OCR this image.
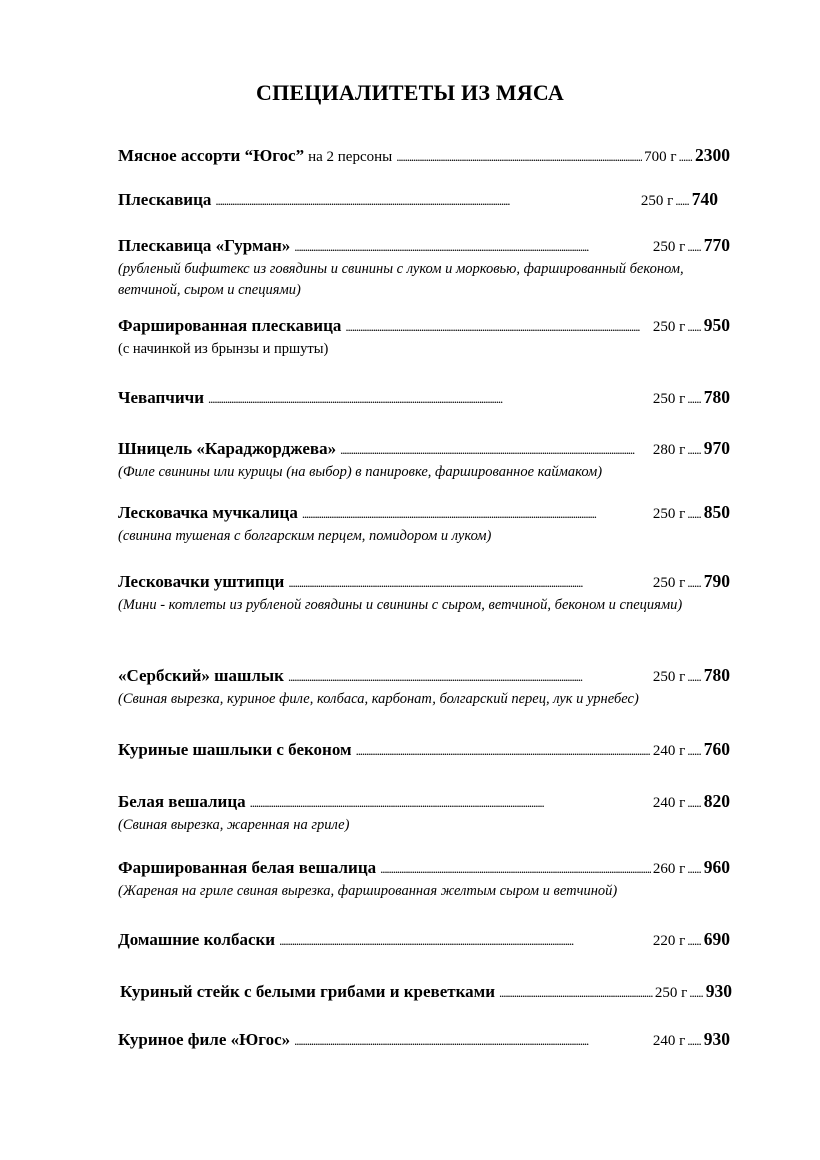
СПЕЦИАЛИТЕТЫ ИЗ МЯСА
Мясное ассорти “Югос” на 2 персоны . . .	700 г ...... 2300
Плескавица . . .	250 г ...... 740
Плескавица «Гурман» . . .	250 г ...... 770
(рубленый бифштекс из говядины и свинины с луком и морковью, фаршированный беконом, ветчиной, сыром и специями)
Фаршированная плескавица . . .	250 г ...... 950
(с начинкой из брынзы и пршуты)
Чевапчичи . . .	250 г ...... 780
Шницель «Караджорджева» . . .	280 г ...... 970
(Филе свинины или курицы (на выбор) в панировке, фаршированное каймаком)
Лесковачка мучкалица . . .	250 г ...... 850
(свинина тушеная с болгарским перцем, помидором и луком)
Лесковачки уштипци . . .	250 г ...... 790
(Мини - котлеты из рубленой говядины и свинины с сыром, ветчиной, беконом и специями)
«Сербский» шашлык . . .	250 г ...... 780
(Свиная вырезка, куриное филе, колбаса, карбонат, болгарский перец, лук и урнебес)
Куриные шашлыки с беконом . . .	240 г ...... 760
Белая вешалица . . .	240 г ...... 820
(Свиная вырезка, жаренная на гриле)
Фаршированная белая вешалица . . .	260 г ...... 960
(Жареная на гриле свиная вырезка, фаршированная желтым сыром и ветчиной)
Домашние колбаски . . .	220 г ...... 690
Куриный стейк с белыми грибами и креветками . . .	250 г ...... 930
Куриное филе «Югос» . . .	240 г ...... 930
